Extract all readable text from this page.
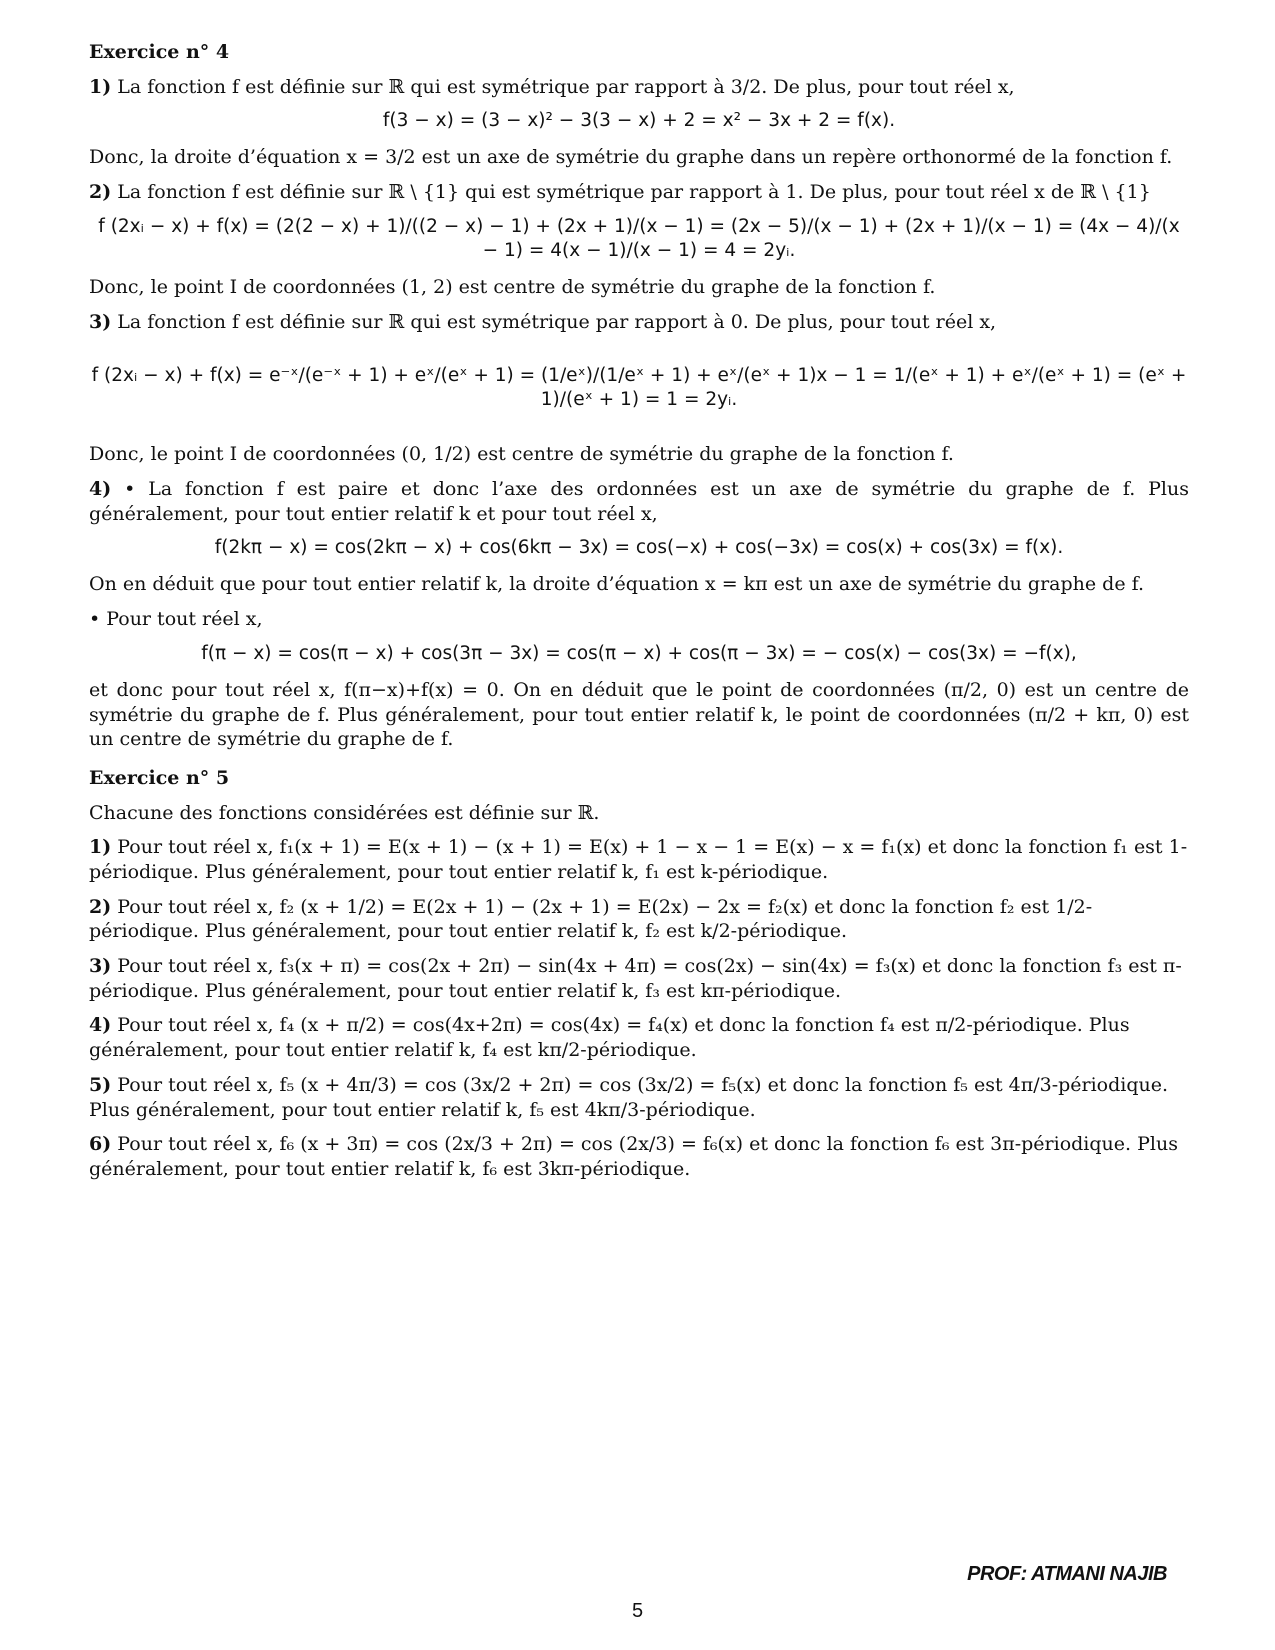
Exercice n° 4

1) La fonction f est définie sur ℝ qui est symétrique par rapport à 3/2. De plus, pour tout réel x,

f(3 − x) = (3 − x)² − 3(3 − x) + 2 = x² − 3x + 2 = f(x).

Donc, la droite d’équation x = 3/2 est un axe de symétrie du graphe dans un repère orthonormé de la fonction f.

2) La fonction f est définie sur ℝ \ {1} qui est symétrique par rapport à 1. De plus, pour tout réel x de ℝ \ {1}

f (2xᵢ − x) + f(x) = (2(2 − x) + 1)/((2 − x) − 1) + (2x + 1)/(x − 1) = (2x − 5)/(x − 1) + (2x + 1)/(x − 1) = (4x − 4)/(x − 1) = 4(x − 1)/(x − 1) = 4 = 2yᵢ.

Donc, le point I de coordonnées (1, 2) est centre de symétrie du graphe de la fonction f.

3) La fonction f est définie sur ℝ qui est symétrique par rapport à 0. De plus, pour tout réel x,

f (2xᵢ − x) + f(x) = e⁻ˣ/(e⁻ˣ + 1) + eˣ/(eˣ + 1) = (1/eˣ)/(1/eˣ + 1) + eˣ/(eˣ + 1)x − 1 = 1/(eˣ + 1) + eˣ/(eˣ + 1) = (eˣ + 1)/(eˣ + 1) = 1 = 2yᵢ.

Donc, le point I de coordonnées (0, 1/2) est centre de symétrie du graphe de la fonction f.

4) • La fonction f est paire et donc l’axe des ordonnées est un axe de symétrie du graphe de f. Plus généralement, pour tout entier relatif k et pour tout réel x,

f(2kπ − x) = cos(2kπ − x) + cos(6kπ − 3x) = cos(−x) + cos(−3x) = cos(x) + cos(3x) = f(x).

On en déduit que pour tout entier relatif k, la droite d’équation x = kπ est un axe de symétrie du graphe de f.

• Pour tout réel x,

f(π − x) = cos(π − x) + cos(3π − 3x) = cos(π − x) + cos(π − 3x) = − cos(x) − cos(3x) = −f(x),

et donc pour tout réel x, f(π−x)+f(x) = 0. On en déduit que le point de coordonnées (π/2, 0) est un centre de symétrie du graphe de f. Plus généralement, pour tout entier relatif k, le point de coordonnées (π/2 + kπ, 0) est un centre de symétrie du graphe de f.

Exercice n° 5

Chacune des fonctions considérées est définie sur ℝ.

1) Pour tout réel x, f₁(x + 1) = E(x + 1) − (x + 1) = E(x) + 1 − x − 1 = E(x) − x = f₁(x) et donc la fonction f₁ est 1-périodique. Plus généralement, pour tout entier relatif k, f₁ est k-périodique.
2) Pour tout réel x, f₂ (x + 1/2) = E(2x + 1) − (2x + 1) = E(2x) − 2x = f₂(x) et donc la fonction f₂ est 1/2-périodique. Plus généralement, pour tout entier relatif k, f₂ est k/2-périodique.
3) Pour tout réel x, f₃(x + π) = cos(2x + 2π) − sin(4x + 4π) = cos(2x) − sin(4x) = f₃(x) et donc la fonction f₃ est π-périodique. Plus généralement, pour tout entier relatif k, f₃ est kπ-périodique.
4) Pour tout réel x, f₄ (x + π/2) = cos(4x+2π) = cos(4x) = f₄(x) et donc la fonction f₄ est π/2-périodique. Plus généralement, pour tout entier relatif k, f₄ est kπ/2-périodique.
5) Pour tout réel x, f₅ (x + 4π/3) = cos (3x/2 + 2π) = cos (3x/2) = f₅(x) et donc la fonction f₅ est 4π/3-périodique. Plus généralement, pour tout entier relatif k, f₅ est 4kπ/3-périodique.
6) Pour tout réel x, f₆ (x + 3π) = cos (2x/3 + 2π) = cos (2x/3) = f₆(x) et donc la fonction f₆ est 3π-périodique. Plus généralement, pour tout entier relatif k, f₆ est 3kπ-périodique.
PROF: ATMANI NAJIB
5
